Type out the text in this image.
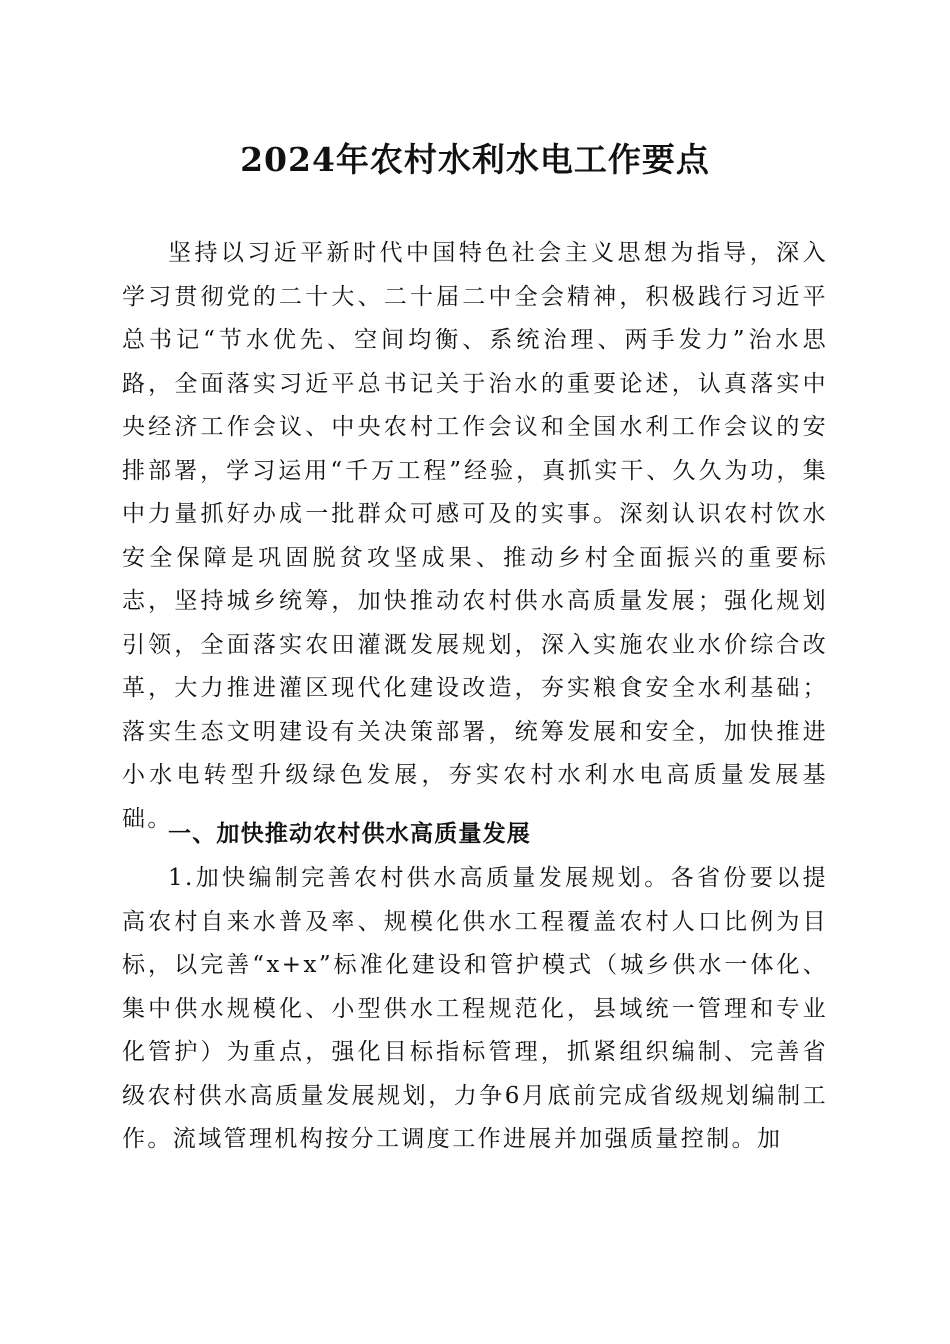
2024年农村水利水电工作要点

坚持以习近平新时代中国特色社会主义思想为指导，深入学习贯彻党的二十大、二十届二中全会精神，积极践行习近平总书记“节水优先、空间均衡、系统治理、两手发力”治水思路，全面落实习近平总书记关于治水的重要论述，认真落实中央经济工作会议、中央农村工作会议和全国水利工作会议的安排部署，学习运用“千万工程”经验，真抓实干、久久为功，集中力量抓好办成一批群众可感可及的实事。深刻认识农村饮水安全保障是巩固脱贫攻坚成果、推动乡村全面振兴的重要标志，坚持城乡统筹，加快推动农村供水高质量发展；强化规划引领，全面落实农田灌溉发展规划，深入实施农业水价综合改革，大力推进灌区现代化建设改造，夯实粮食安全水利基础；落实生态文明建设有关决策部署，统筹发展和安全，加快推进小水电转型升级绿色发展，夯实农村水利水电高质量发展基础。

一、加快推动农村供水高质量发展

1.加快编制完善农村供水高质量发展规划。各省份要以提高农村自来水普及率、规模化供水工程覆盖农村人口比例为目标，以完善“x+x”标准化建设和管护模式（城乡供水一体化、集中供水规模化、小型供水工程规范化，县域统一管理和专业化管护）为重点，强化目标指标管理，抓紧组织编制、完善省级农村供水高质量发展规划，力争6月底前完成省级规划编制工作。流域管理机构按分工调度工作进展并加强质量控制。加
